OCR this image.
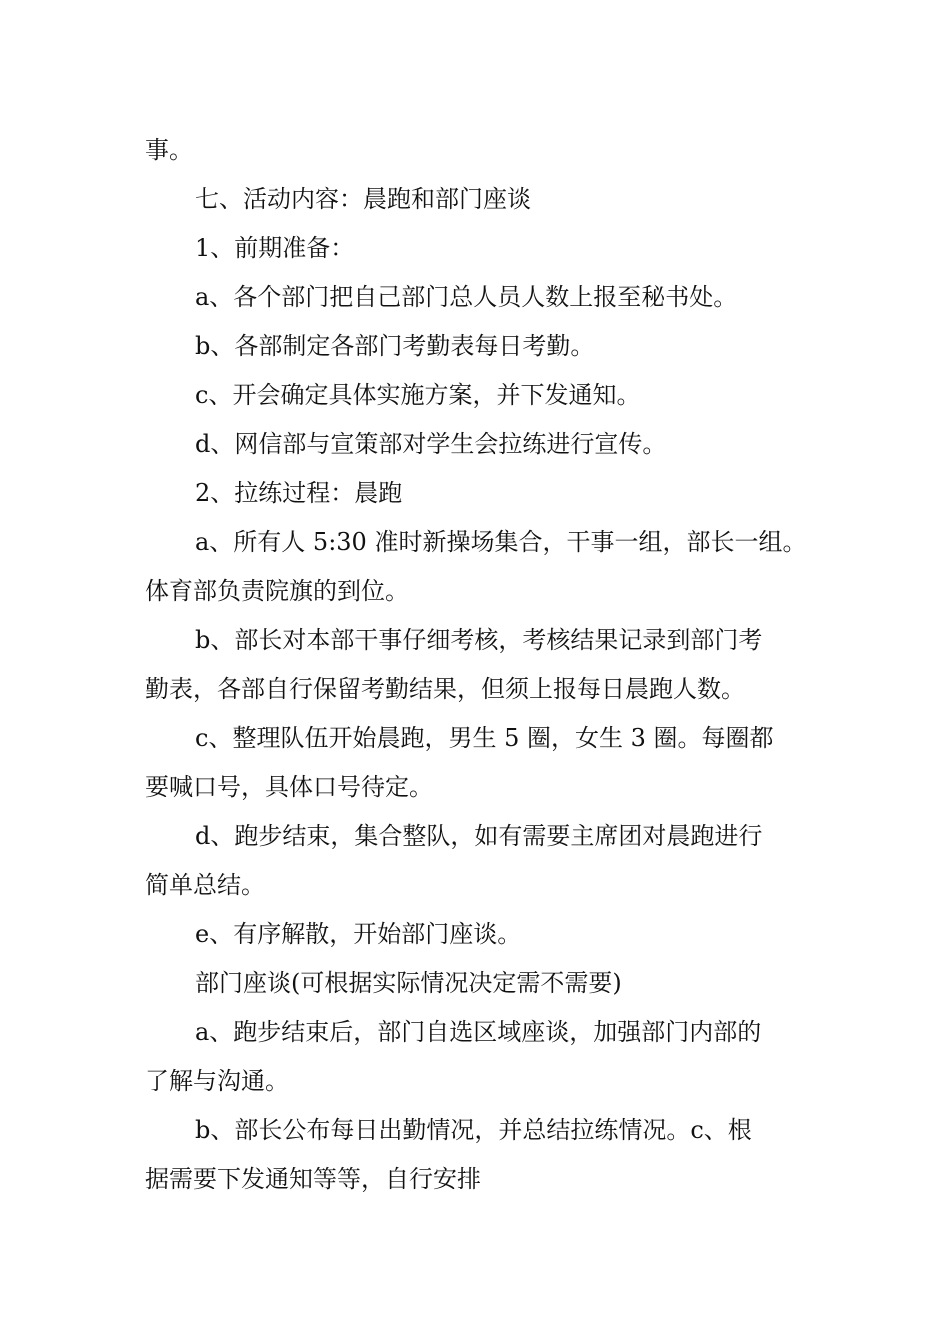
事。

七、活动内容：晨跑和部门座谈

1、前期准备：

a、各个部门把自己部门总人员人数上报至秘书处。

b、各部制定各部门考勤表每日考勤。

c、开会确定具体实施方案，并下发通知。

d、网信部与宣策部对学生会拉练进行宣传。

2、拉练过程：晨跑

a、所有人 5:30 准时新操场集合，干事一组，部长一组。

体育部负责院旗的到位。

b、部长对本部干事仔细考核，考核结果记录到部门考

勤表，各部自行保留考勤结果，但须上报每日晨跑人数。

c、整理队伍开始晨跑，男生 5 圈，女生 3 圈。每圈都

要喊口号，具体口号待定。

d、跑步结束，集合整队，如有需要主席团对晨跑进行

简单总结。

e、有序解散，开始部门座谈。

部门座谈(可根据实际情况决定需不需要)

a、跑步结束后，部门自选区域座谈，加强部门内部的

了解与沟通。

b、部长公布每日出勤情况，并总结拉练情况。c、根

据需要下发通知等等，自行安排
